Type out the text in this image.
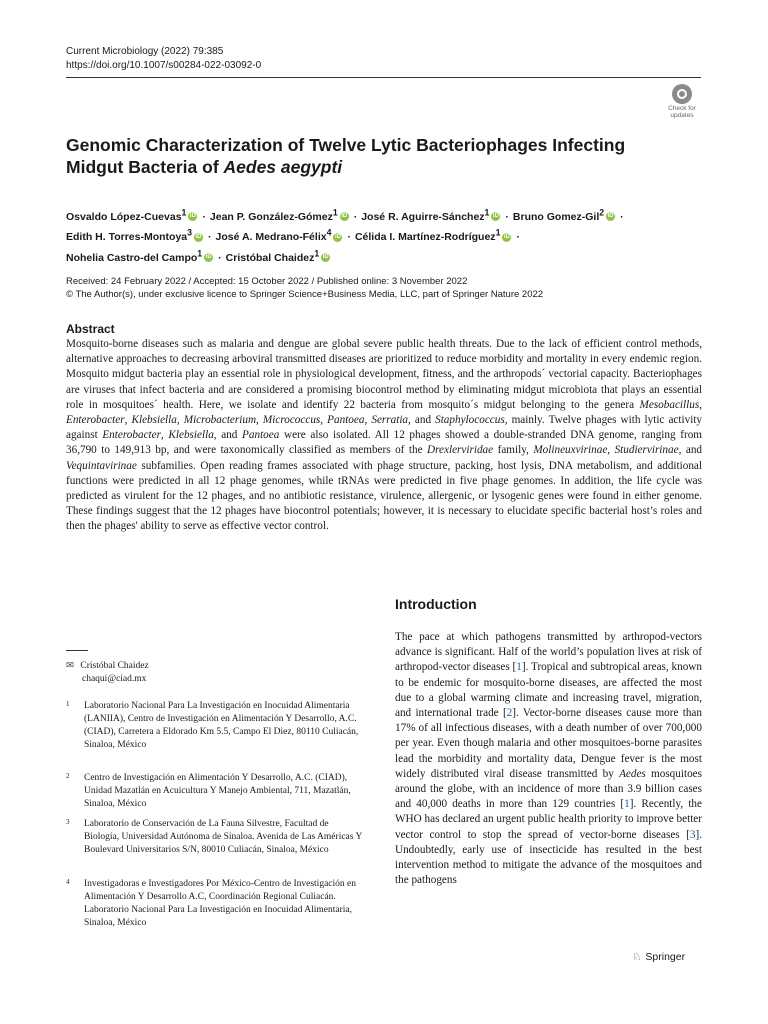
Current Microbiology (2022) 79:385
https://doi.org/10.1007/s00284-022-03092-0
Check for
updates
Genomic Characterization of Twelve Lytic Bacteriophages Infecting Midgut Bacteria of Aedes aegypti
Osvaldo López-Cuevas$^1$ iD · Jean P. González-Gómez$^1$ iD · José R. Aguirre-Sánchez$^1$ iD · Bruno Gomez-Gil$^2$ iD ·
Edith H. Torres-Montoya$^3$ iD · José A. Medrano-Félix$^4$ iD · Célida I. Martínez-Rodríguez$^1$ iD ·
Nohelia Castro-del Campo$^1$ iD · Cristóbal Chaidez$^1$ iD
Received: 24 February 2022 / Accepted: 15 October 2022 / Published online: 3 November 2022
© The Author(s), under exclusive licence to Springer Science+Business Media, LLC, part of Springer Nature 2022
Abstract
Mosquito-borne diseases such as malaria and dengue are global severe public health threats. Due to the lack of efficient control methods, alternative approaches to decreasing arboviral transmitted diseases are prioritized to reduce morbidity and mortality in every endemic region. Mosquito midgut bacteria play an essential role in physiological development, fitness, and the arthropods´ vectorial capacity. Bacteriophages are viruses that infect bacteria and are considered a promising biocontrol method by eliminating midgut microbiota that plays an essential role in mosquitoes´ health. Here, we isolate and identify 22 bacteria from mosquito´s midgut belonging to the genera Mesobacillus, Enterobacter, Klebsiella, Microbacterium, Micrococcus, Pantoea, Serratia, and Staphylococcus, mainly. Twelve phages with lytic activity against Enterobacter, Klebsiella, and Pantoea were also isolated. All 12 phages showed a double-stranded DNA genome, ranging from 36,790 to 149,913 bp, and were taxonomically classified as members of the Drexlerviridae family, Molineuxvirinae, Studiervirinae, and Vequintavirinae subfamilies. Open reading frames associated with phage structure, packing, host lysis, DNA metabolism, and additional functions were predicted in all 12 phage genomes, while tRNAs were predicted in five phage genomes. In addition, the life cycle was predicted as virulent for the 12 phages, and no antibiotic resistance, virulence, allergenic, or lysogenic genes were found in either genome. These findings suggest that the 12 phages have biocontrol potentials; however, it is necessary to elucidate specific bacterial host’s roles and then the phages' ability to serve as effective vector control.
Introduction
The pace at which pathogens transmitted by arthropod-vectors advance is significant. Half of the world’s population lives at risk of arthropod-vector diseases [1]. Tropical and subtropical areas, known to be endemic for mosquito-borne diseases, are affected the most due to a global warming climate and increasing travel, migration, and international trade [2]. Vector-borne diseases cause more than 17% of all infectious diseases, with a death number of over 700,000 per year. Even though malaria and other mosquitoes-borne parasites lead the morbidity and mortality data, Dengue fever is the most widely distributed viral disease transmitted by Aedes mosquitoes around the globe, with an incidence of more than 3.9 billion cases and 40,000 deaths in more than 129 countries [1]. Recently, the WHO has declared an urgent public health priority to improve better vector control to stop the spread of vector-borne diseases [3]. Undoubtedly, early use of insecticide has resulted in the best intervention method to mitigate the advance of the mosquitoes and the pathogens
✉ Cristóbal Chaidez
chaqui@ciad.mx
1 Laboratorio Nacional Para La Investigación en Inocuidad Alimentaria (LANIIA), Centro de Investigación en Alimentación Y Desarrollo, A.C. (CIAD), Carretera a Eldorado Km 5.5, Campo El Diez, 80110 Culiacán, Sinaloa, México
2 Centro de Investigación en Alimentación Y Desarrollo, A.C. (CIAD), Unidad Mazatlán en Acuicultura Y Manejo Ambiental, 711, Mazatlán, Sinaloa, México
3 Laboratorio de Conservación de La Fauna Silvestre, Facultad de Biología, Universidad Autónoma de Sinaloa. Avenida de Las Américas Y Boulevard Universitarios S/N, 80010 Culiacán, Sinaloa, México
4 Investigadoras e Investigadores Por México-Centro de Investigación en Alimentación Y Desarrollo A.C, Coordinación Regional Culiacán. Laboratorio Nacional Para La Investigación en Inocuidad Alimentaria, Sinaloa, México
♘ Springer
